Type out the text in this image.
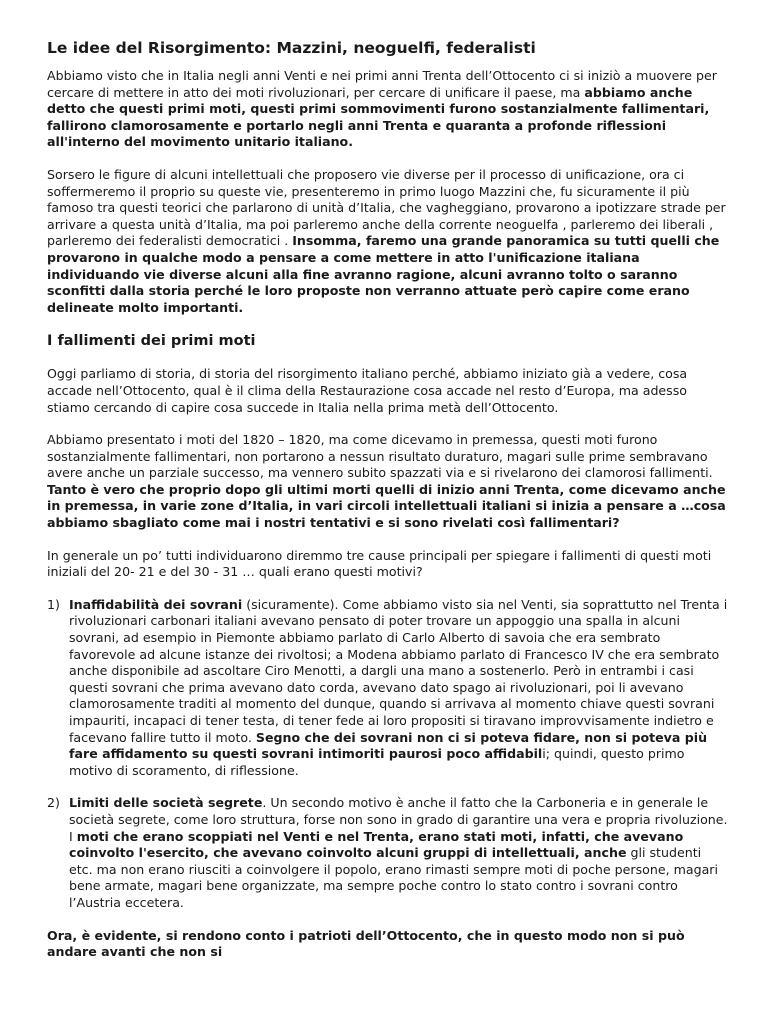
Le idee del Risorgimento: Mazzini, neoguelfi, federalisti

Abbiamo visto che in Italia negli anni Venti e nei primi anni Trenta dell’Ottocento ci si iniziò a muovere per cercare di mettere in atto dei moti rivoluzionari, per cercare di unificare il paese, ma abbiamo anche detto che questi primi moti, questi primi sommovimenti furono sostanzialmente fallimentari, fallirono clamorosamente e portarlo negli anni Trenta e quaranta a profonde riflessioni all'interno del movimento unitario italiano.

Sorsero le figure di alcuni intellettuali che proposero vie diverse per il processo di unificazione, ora ci soffermeremo il proprio su queste vie, presenteremo in primo luogo Mazzini che, fu sicuramente il più famoso tra questi teorici che parlarono di unità d’Italia, che vagheggiano, provarono a ipotizzare strade per arrivare a questa unità d’Italia, ma poi parleremo anche della corrente neoguelfa , parleremo dei liberali , parleremo dei federalisti democratici . Insomma, faremo una grande panoramica su tutti quelli che provarono in qualche modo a pensare a come mettere in atto l'unificazione italiana individuando vie diverse alcuni alla fine avranno ragione, alcuni avranno tolto o saranno sconfitti dalla storia perché le loro proposte non verranno attuate però capire come erano delineate molto importanti.

I fallimenti dei primi moti

Oggi parliamo di storia, di storia del risorgimento italiano perché, abbiamo iniziato già a vedere, cosa accade nell’Ottocento, qual è il clima della Restaurazione cosa accade nel resto d’Europa, ma adesso stiamo cercando di capire cosa succede in Italia nella prima metà dell’Ottocento.

Abbiamo presentato i moti del 1820 – 1820, ma come dicevamo in premessa, questi moti furono sostanzialmente fallimentari, non portarono a nessun risultato duraturo, magari sulle prime sembravano avere anche un parziale successo, ma vennero subito spazzati via e si rivelarono dei clamorosi fallimenti. Tanto è vero che proprio dopo gli ultimi morti quelli di inizio anni Trenta, come dicevamo anche in premessa, in varie zone d’Italia, in vari circoli intellettuali italiani si inizia a pensare a …cosa abbiamo sbagliato come mai i nostri tentativi e si sono rivelati così fallimentari?

In generale un po’ tutti individuarono diremmo tre cause principali per spiegare i fallimenti di questi moti iniziali del 20- 21 e del 30 - 31 … quali erano questi motivi?

1) Inaffidabilità dei sovrani (sicuramente). Come abbiamo visto sia nel Venti, sia soprattutto nel Trenta i rivoluzionari carbonari italiani avevano pensato di poter trovare un appoggio una spalla in alcuni sovrani, ad esempio in Piemonte abbiamo parlato di Carlo Alberto di savoia che era sembrato favorevole ad alcune istanze dei rivoltosi; a Modena abbiamo parlato di Francesco IV che era sembrato anche disponibile ad ascoltare Ciro Menotti, a dargli una mano a sostenerlo. Però in entrambi i casi questi sovrani che prima avevano dato corda, avevano dato spago ai rivoluzionari, poi li avevano clamorosamente traditi al momento del dunque, quando si arrivava al momento chiave questi sovrani impauriti, incapaci di tener testa, di tener fede ai loro propositi si tiravano improvvisamente indietro e facevano fallire tutto il moto. Segno che dei sovrani non ci si poteva fidare, non si poteva più fare affidamento su questi sovrani intimoriti paurosi poco affidabili; quindi, questo primo motivo di scoramento, di riflessione.
2) Limiti delle società segrete. Un secondo motivo è anche il fatto che la Carboneria e in generale le società segrete, come loro struttura, forse non sono in grado di garantire una vera e propria rivoluzione. I moti che erano scoppiati nel Venti e nel Trenta, erano stati moti, infatti, che avevano coinvolto l'esercito, che avevano coinvolto alcuni gruppi di intellettuali, anche gli studenti etc. ma non erano riusciti a coinvolgere il popolo, erano rimasti sempre moti di poche persone, magari bene armate, magari bene organizzate, ma sempre poche contro lo stato contro i sovrani contro l’Austria eccetera.

Ora, è evidente, si rendono conto i patrioti dell’Ottocento, che in questo modo non si può andare avanti che non si
